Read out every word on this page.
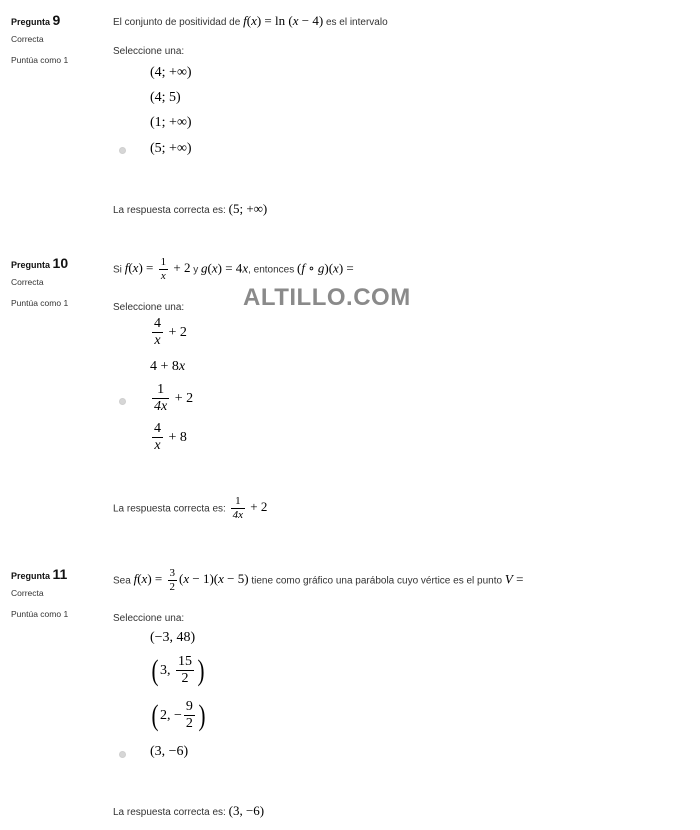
ALTILLO.COM
Pregunta 9
Correcta
Puntúa como 1
El conjunto de positividad de f(x) = ln (x − 4) es el intervalo
Seleccione una:
(4; +∞)
(4; 5)
(1; +∞)
(5; +∞)
La respuesta correcta es: (5; +∞)
Pregunta 10
Correcta
Puntúa como 1
Si $f(x) = \frac{1}{x} + 2$ y g(x) = 4x, entonces (f ∘ g)(x) =
Seleccione una:
$\frac{4}{x} + 2$
4 + 8x
$\frac{1}{4x} + 2$
$\frac{4}{x} + 8$
La respuesta correcta es: $\frac{1}{4x} + 2$
Pregunta 11
Correcta
Puntúa como 1
Sea $f(x) = \frac{3}{2} (x - 1)(x - 5)$ tiene como gráfico una parábola cuyo vértice es el punto V =
Seleccione una:
(−3, 48)
( 3, $\frac{15}{2}$ )
( 2, − $\frac{9}{2}$ )
(3, −6)
La respuesta correcta es: (3, −6)
